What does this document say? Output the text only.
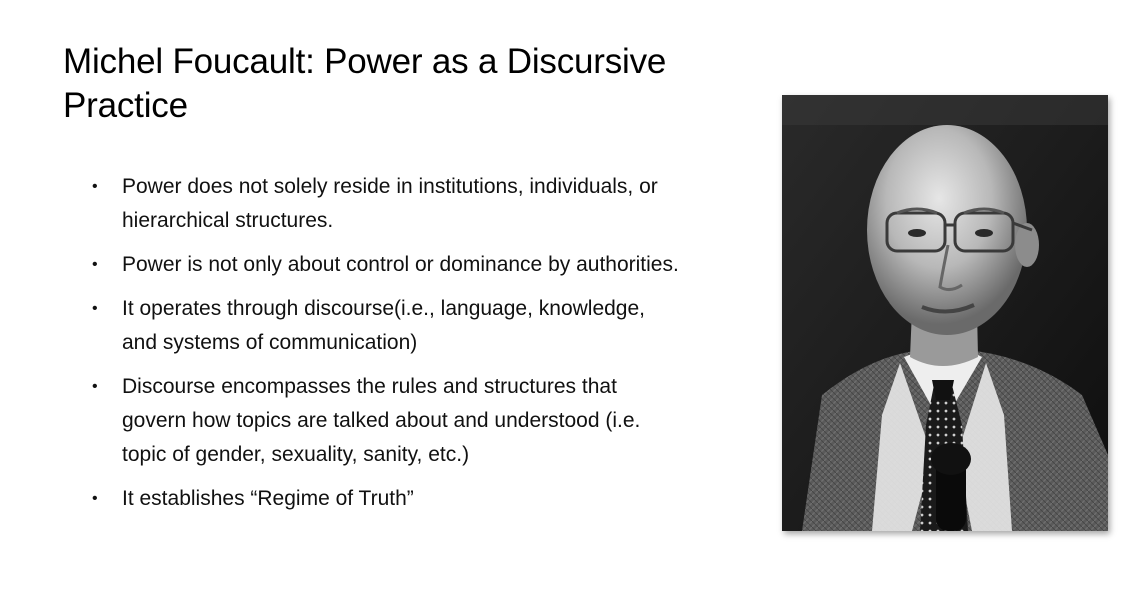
Michel Foucault: Power as a Discursive Practice
• Power does not solely reside in institutions, individuals, or hierarchical structures.
• Power is not only about control or dominance by authorities.
• It operates through discourse(i.e., language, knowledge, and systems of communication)
• Discourse encompasses the rules and structures that govern how topics are talked about and understood (i.e. topic of gender, sexuality, sanity, etc.)
• It establishes “Regime of Truth”
